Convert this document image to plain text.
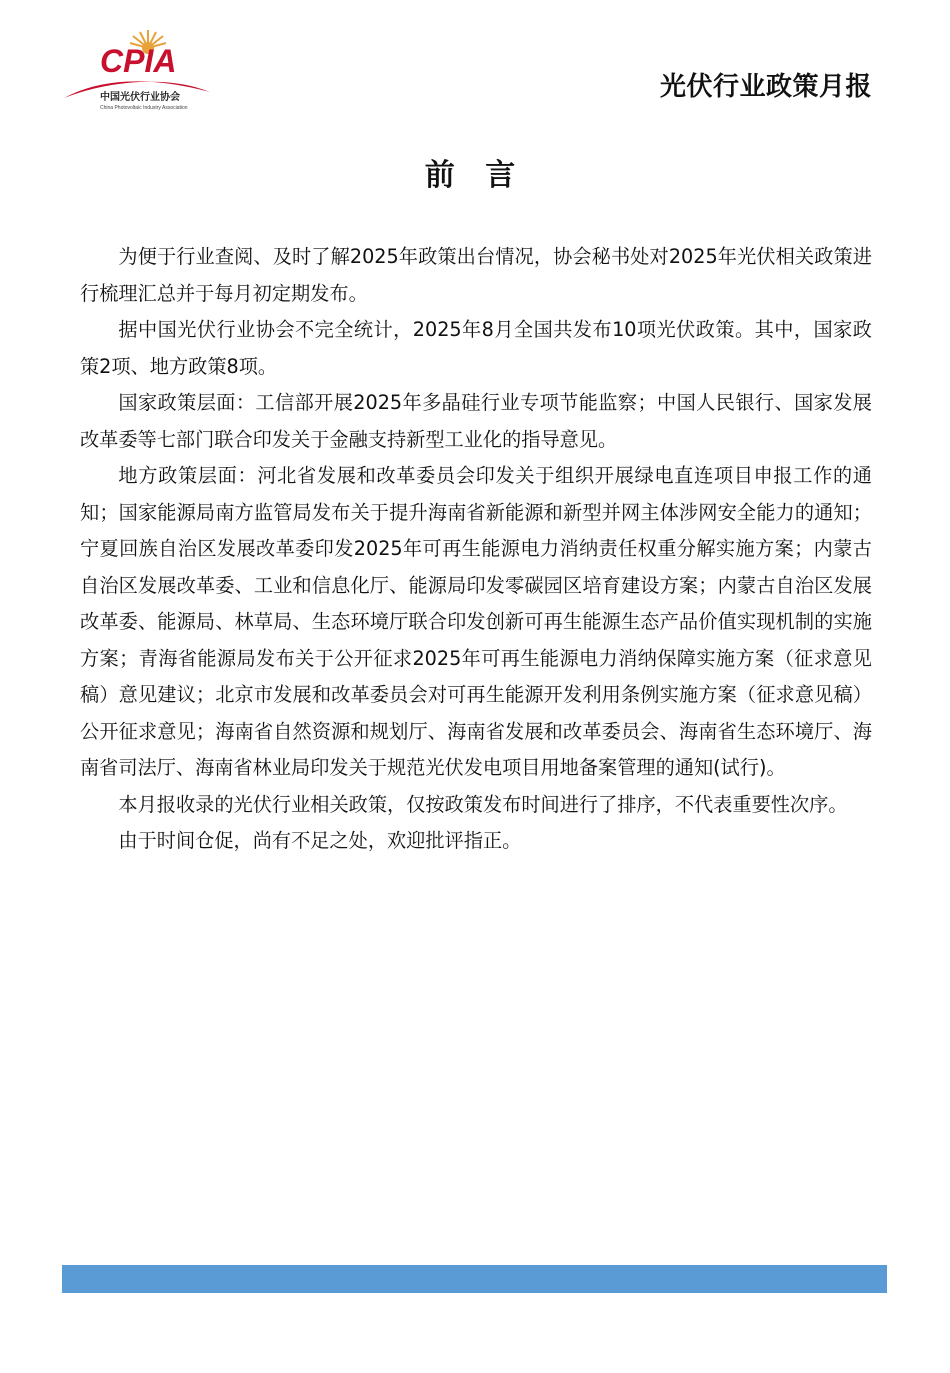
CPIA
中国光伏行业协会
China Photovoltaic Industry Association
光伏行业政策月报
前 言

为便于行业查阅、及时了解2025年政策出台情况，协会秘书处对2025年光伏相关政策进行梳理汇总并于每月初定期发布。

据中国光伏行业协会不完全统计，2025年8月全国共发布10项光伏政策。其中，国家政策2项、地方政策8项。

国家政策层面：工信部开展2025年多晶硅行业专项节能监察；中国人民银行、国家发展改革委等七部门联合印发关于金融支持新型工业化的指导意见。

地方政策层面：河北省发展和改革委员会印发关于组织开展绿电直连项目申报工作的通知；国家能源局南方监管局发布关于提升海南省新能源和新型并网主体涉网安全能力的通知；宁夏回族自治区发展改革委印发2025年可再生能源电力消纳责任权重分解实施方案；内蒙古自治区发展改革委、工业和信息化厅、能源局印发零碳园区培育建设方案；内蒙古自治区发展改革委、能源局、林草局、生态环境厅联合印发创新可再生能源生态产品价值实现机制的实施方案；青海省能源局发布关于公开征求2025年可再生能源电力消纳保障实施方案（征求意见稿）意见建议；北京市发展和改革委员会对可再生能源开发利用条例实施方案（征求意见稿）公开征求意见；海南省自然资源和规划厅、海南省发展和改革委员会、海南省生态环境厅、海南省司法厅、海南省林业局印发关于规范光伏发电项目用地备案管理的通知(试行)。

本月报收录的光伏行业相关政策，仅按政策发布时间进行了排序，不代表重要性次序。

由于时间仓促，尚有不足之处，欢迎批评指正。
